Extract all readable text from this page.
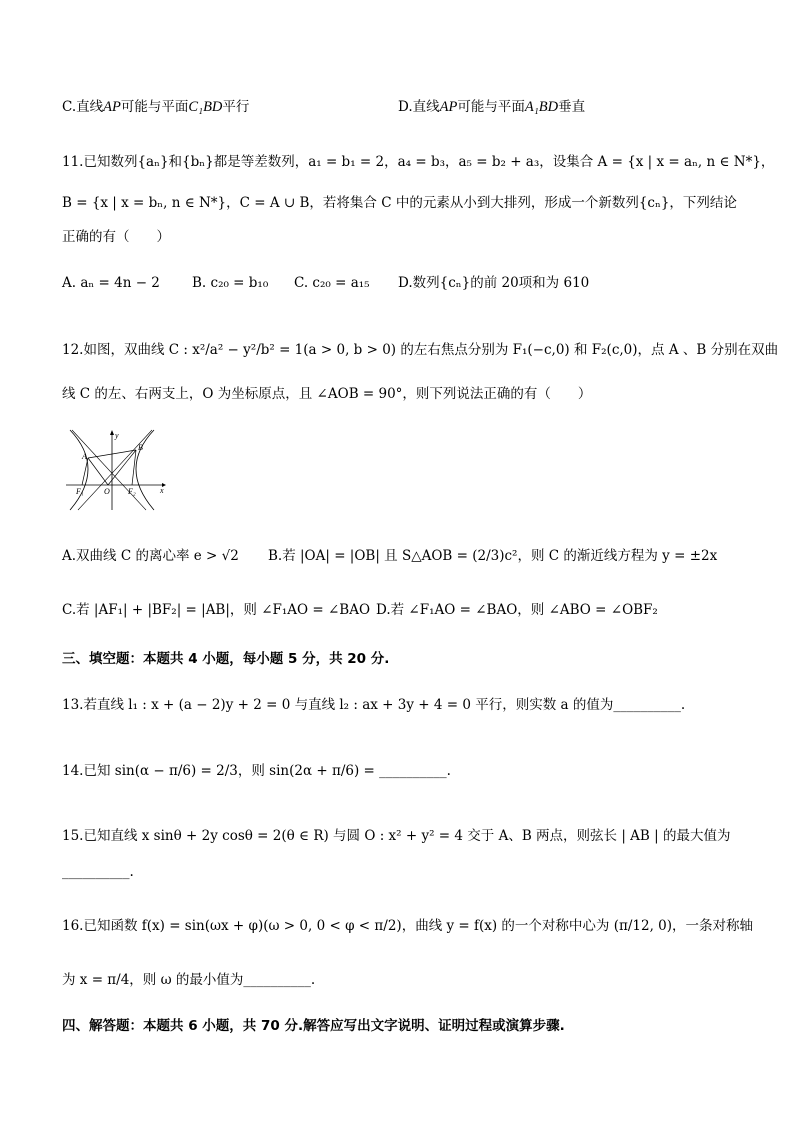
C.直线AP可能与平面C₁BD平行	D.直线AP可能与平面A₁BD垂直
11.已知数列{aₙ}和{bₙ}都是等差数列，a₁ = b₁ = 2，a₄ = b₃，a₅ = b₂ + a₃，设集合 A = {x | x = aₙ, n ∈ N*}，
B = {x | x = bₙ, n ∈ N*}，C = A ∪ B，若将集合 C 中的元素从小到大排列，形成一个新数列{cₙ}，下列结论
正确的有（　　）
A. aₙ = 4n − 2 B. c₂₀ = b₁₀ C. c₂₀ = a₁₅ D.数列{cₙ}的前 20项和为 610
12.如图，双曲线 C : x²/a² − y²/b² = 1(a > 0, b > 0) 的左右焦点分别为 F₁(−c,0) 和 F₂(c,0)，点 A 、B 分别在双曲
线 C 的左、右两支上，O 为坐标原点，且 ∠AOB = 90°，则下列说法正确的有（　　）
y
x
A
B
O
F₁	F₂
A.双曲线 C 的离心率 e > √2 B.若 |OA| = |OB| 且 S△AOB = (2/3)c²，则 C 的渐近线方程为 y = ±2x
C.若 |AF₁| + |BF₂| = |AB|，则 ∠F₁AO = ∠BAO D.若 ∠F₁AO = ∠BAO，则 ∠ABO = ∠OBF₂
三、填空题：本题共 4 小题，每小题 5 分，共 20 分.
13.若直线 l₁ : x + (a − 2)y + 2 = 0 与直线 l₂ : ax + 3y + 4 = 0 平行，则实数 a 的值为__________.
14.已知 sin(α − π/6) = 2/3，则 sin(2α + π/6) = __________.
15.已知直线 x sinθ + 2y cosθ = 2(θ ∈ R) 与圆 O : x² + y² = 4 交于 A、B 两点，则弦长 | AB | 的最大值为
__________.
16.已知函数 f(x) = sin(ωx + φ)(ω > 0, 0 < φ < π/2)，曲线 y = f(x) 的一个对称中心为 (π/12, 0)，一条对称轴
为 x = π/4，则 ω 的最小值为__________.
四、解答题：本题共 6 小题，共 70 分.解答应写出文字说明、证明过程或演算步骤.
